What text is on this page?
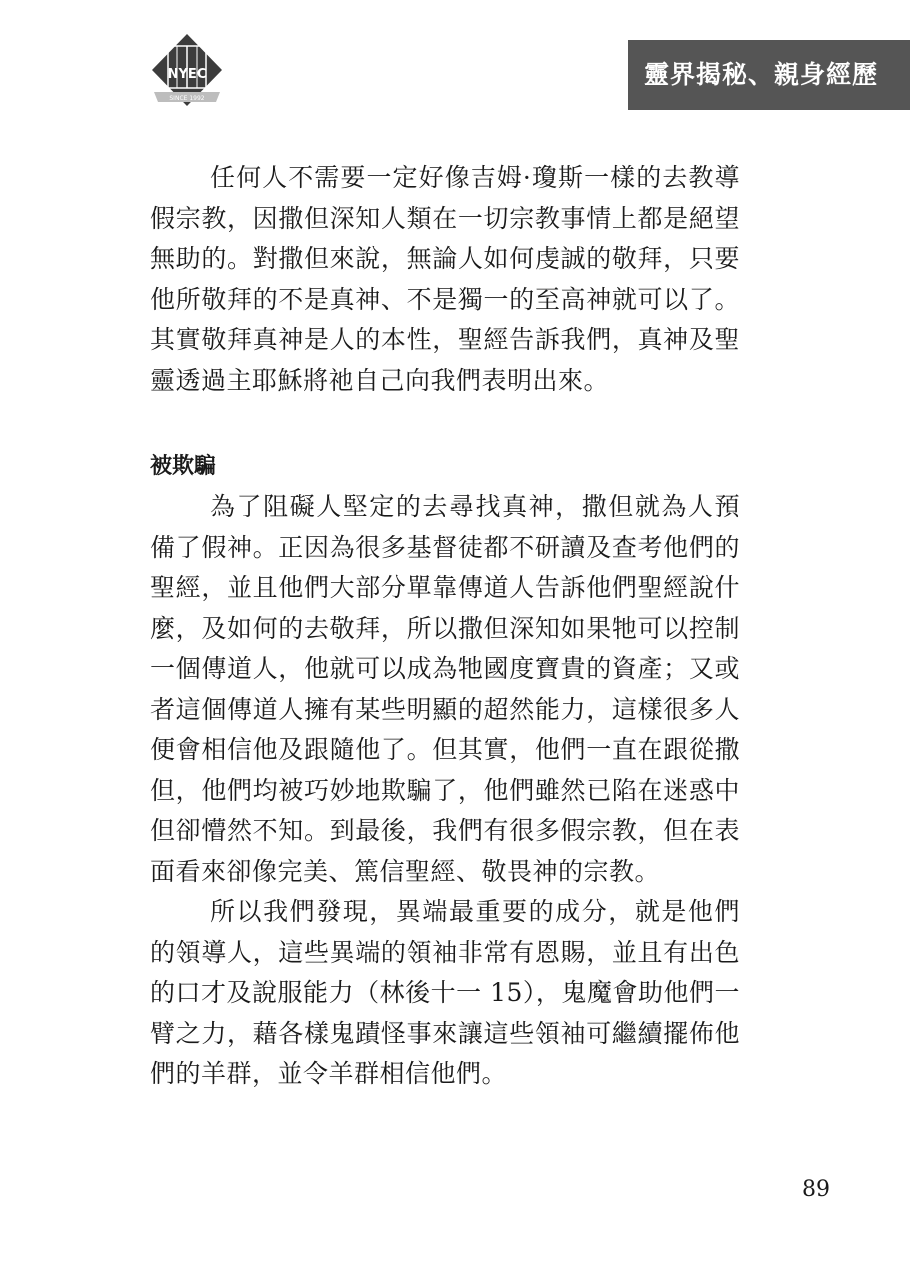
NYEC
SINCE 1992
靈界揭秘、親身經歷

任何人不需要一定好像吉姆·瓊斯一樣的去教導假宗教，因撒但深知人類在一切宗教事情上都是絕望無助的。對撒但來說，無論人如何虔誠的敬拜，只要他所敬拜的不是真神、不是獨一的至高神就可以了。其實敬拜真神是人的本性，聖經告訴我們，真神及聖靈透過主耶穌將祂自己向我們表明出來。

被欺騙

為了阻礙人堅定的去尋找真神，撒但就為人預備了假神。正因為很多基督徒都不研讀及查考他們的聖經，並且他們大部分單靠傳道人告訴他們聖經說什麼，及如何的去敬拜，所以撒但深知如果牠可以控制一個傳道人，他就可以成為牠國度寶貴的資產；又或者這個傳道人擁有某些明顯的超然能力，這樣很多人便會相信他及跟隨他了。但其實，他們一直在跟從撒但，他們均被巧妙地欺騙了，他們雖然已陷在迷惑中但卻懵然不知。到最後，我們有很多假宗教，但在表面看來卻像完美、篤信聖經、敬畏神的宗教。

所以我們發現，異端最重要的成分，就是他們的領導人，這些異端的領袖非常有恩賜，並且有出色的口才及說服能力（林後十一 15），鬼魔會助他們一臂之力，藉各樣鬼蹟怪事來讓這些領袖可繼續擺佈他們的羊群，並令羊群相信他們。

89
